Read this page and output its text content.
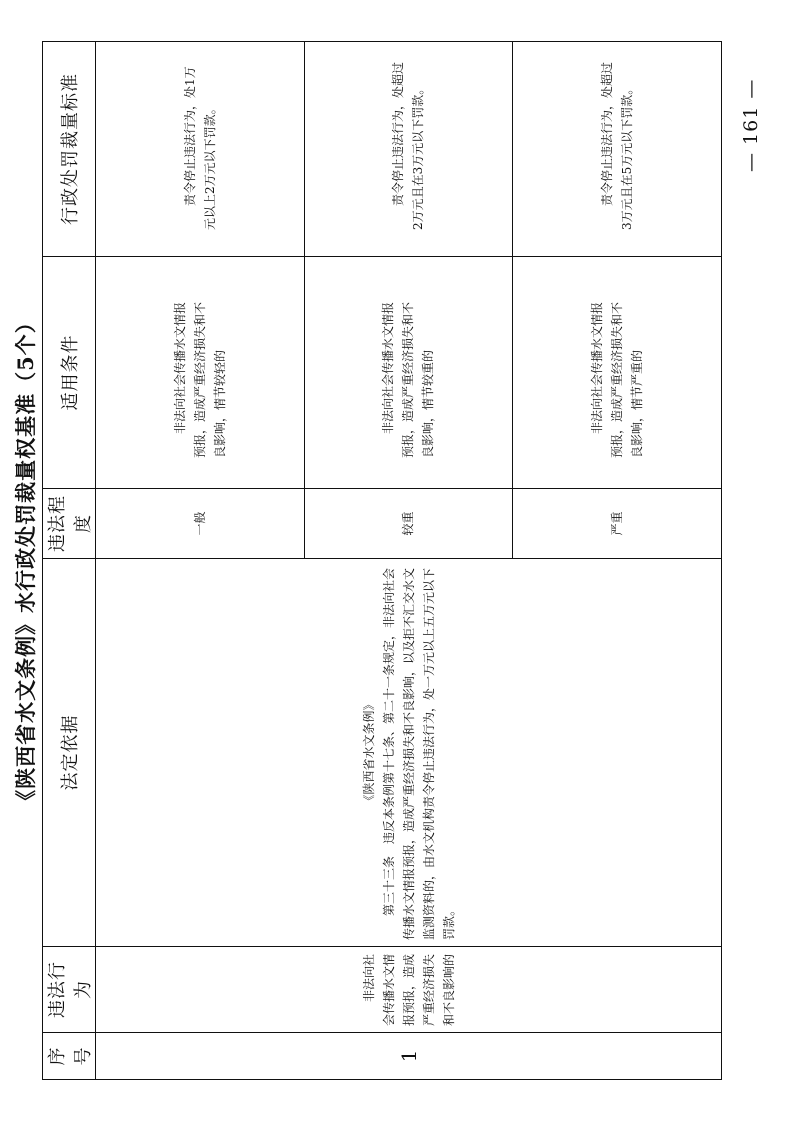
《陕西省水文条例》水行政处罚裁量权基准（5个）
序号	违法行为	法定依据	违法程度	适用条件	行政处罚裁量标准
1	非法向社会传播水文情报预报，造成严重经济损失和不良影响的	《陕西省水文条例》 第三十三条　违反本条例第十七条、第二十一条规定，非法向社会传播水文情报预报，造成严重经济损失和不良影响，以及拒不汇交水文监测资料的，由水文机构责令停止违法行为，处一万元以上五万元以下罚款。	一般	非法向社会传播水文情报预报，造成严重经济损失和不良影响，情节较轻的	责令停止违法行为，处1万元以上2万元以下罚款。

			较重	非法向社会传播水文情报预报，造成严重经济损失和不良影响，情节较重的	责令停止违法行为，处超过2万元且在3万元以下罚款。

			严重	非法向社会传播水文情报预报，造成严重经济损失和不良影响，情节严重的	责令停止违法行为，处超过3万元且在5万元以下罚款。	— 161 —
